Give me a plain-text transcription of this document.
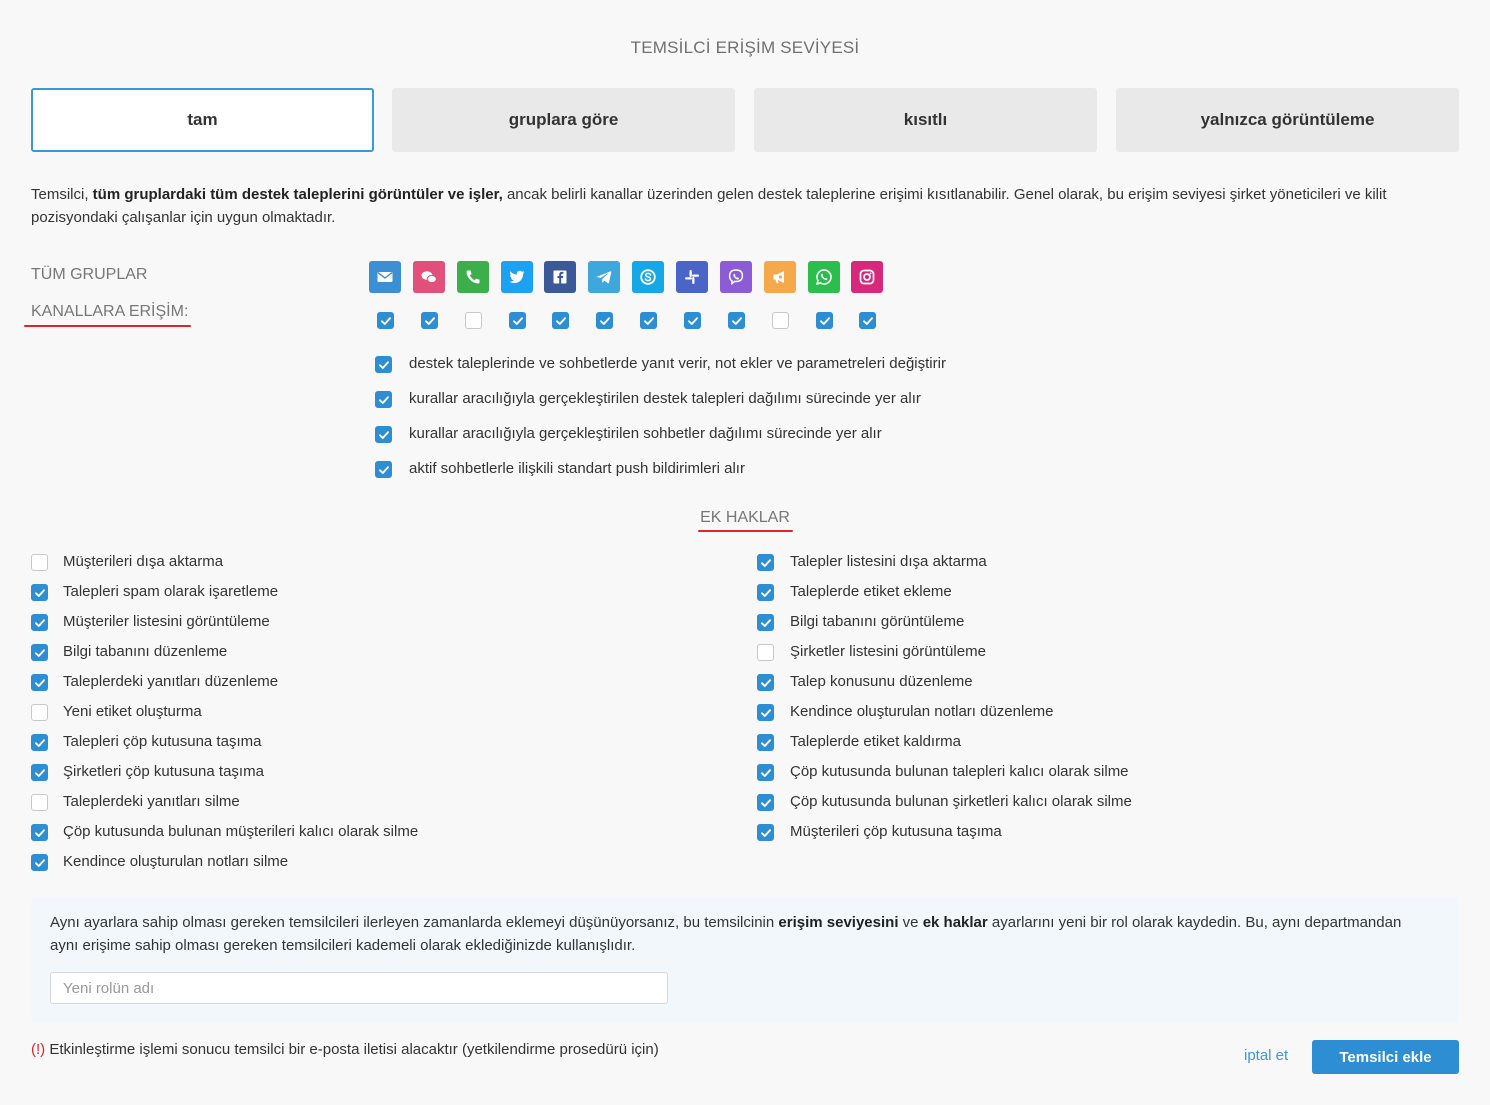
TEMSİLCİ ERİŞİM SEVİYESİ
tam	gruplara göre	kısıtlı	yalnızca görüntüleme
Temsilci, tüm gruplardaki tüm destek taleplerini görüntüler ve işler, ancak belirli kanallar üzerinden gelen destek taleplerine erişimi kısıtlanabilir. Genel olarak, bu erişim seviyesi şirket yöneticileri ve kilit pozisyondaki çalışanlar için uygun olmaktadır.
TÜM GRUPLAR
KANALLARA ERİŞİM:
destek taleplerinde ve sohbetlerde yanıt verir, not ekler ve parametreleri değiştirir
kurallar aracılığıyla gerçekleştirilen destek talepleri dağılımı sürecinde yer alır
kurallar aracılığıyla gerçekleştirilen sohbetler dağılımı sürecinde yer alır
aktif sohbetlerle ilişkili standart push bildirimleri alır
EK HAKLAR
Müşterileri dışa aktarma
Talepleri spam olarak işaretleme
Müşteriler listesini görüntüleme
Bilgi tabanını düzenleme
Taleplerdeki yanıtları düzenleme
Yeni etiket oluşturma
Talepleri çöp kutusuna taşıma
Şirketleri çöp kutusuna taşıma
Taleplerdeki yanıtları silme
Çöp kutusunda bulunan müşterileri kalıcı olarak silme
Kendince oluşturulan notları silme
Talepler listesini dışa aktarma
Taleplerde etiket ekleme
Bilgi tabanını görüntüleme
Şirketler listesini görüntüleme
Talep konusunu düzenleme
Kendince oluşturulan notları düzenleme
Taleplerde etiket kaldırma
Çöp kutusunda bulunan talepleri kalıcı olarak silme
Çöp kutusunda bulunan şirketleri kalıcı olarak silme
Müşterileri çöp kutusuna taşıma
Aynı ayarlara sahip olması gereken temsilcileri ilerleyen zamanlarda eklemeyi düşünüyorsanız, bu temsilcinin erişim seviyesini ve ek haklar ayarlarını yeni bir rol olarak kaydedin. Bu, aynı departmandan aynı erişime sahip olması gereken temsilcileri kademeli olarak eklediğinizde kullanışlıdır.
Yeni rolün adı
(!) Etkinleştirme işlemi sonucu temsilci bir e-posta iletisi alacaktır (yetkilendirme prosedürü için)	iptal et	Temsilci ekle
